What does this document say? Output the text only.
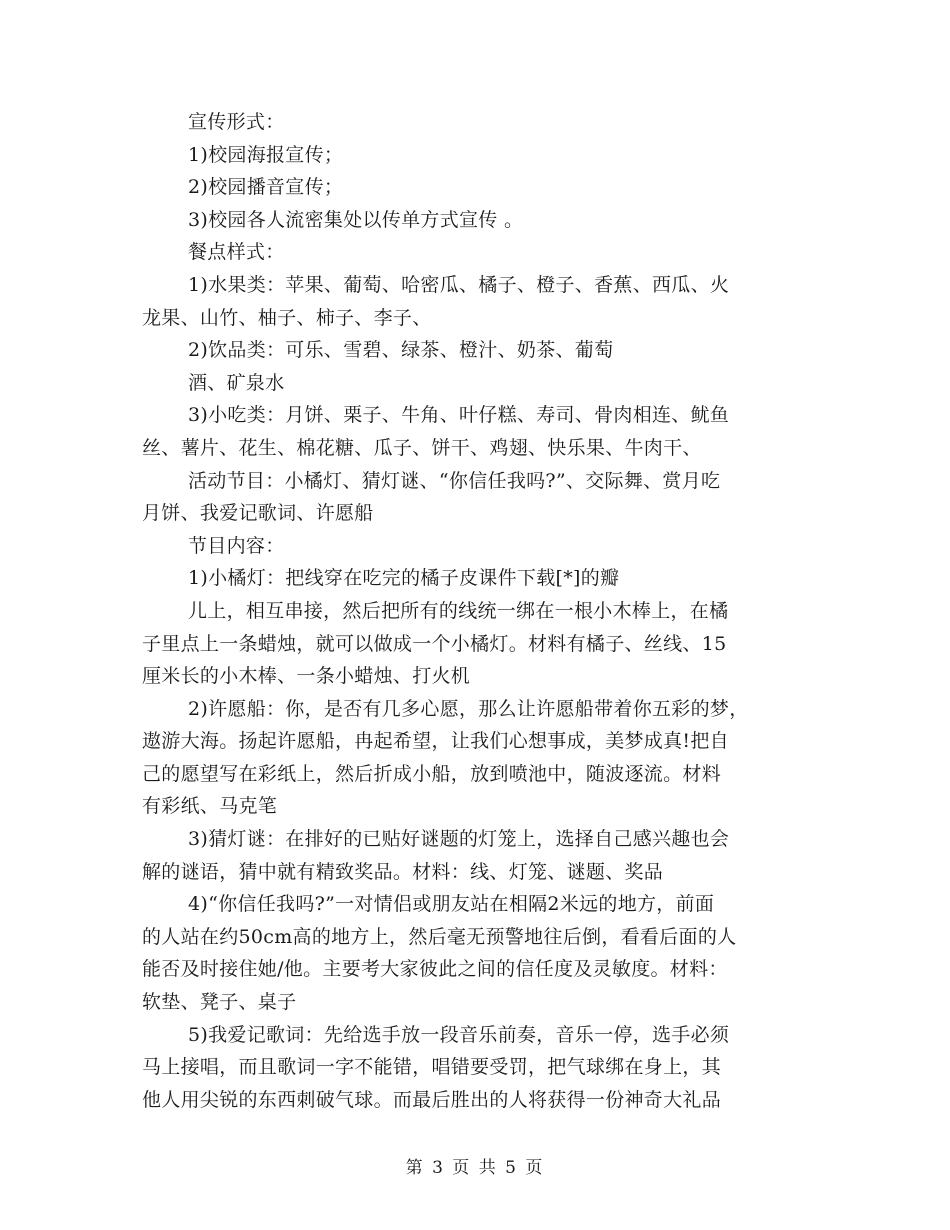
宣传形式：
1)校园海报宣传；
2)校园播音宣传；
3)校园各人流密集处以传单方式宣传 。
餐点样式：
1)水果类：苹果、葡萄、哈密瓜、橘子、橙子、香蕉、西瓜、火
龙果、山竹、柚子、柿子、李子、
2)饮品类：可乐、雪碧、绿茶、橙汁、奶茶、葡萄
酒、矿泉水
3)小吃类：月饼、栗子、牛角、叶仔糕、寿司、骨肉相连、鱿鱼
丝、薯片、花生、棉花糖、瓜子、饼干、鸡翅、快乐果、牛肉干、
活动节目：小橘灯、猜灯谜、“你信任我吗?”、交际舞、赏月吃
月饼、我爱记歌词、许愿船
节目内容：
1)小橘灯：把线穿在吃完的橘子皮课件下载[*]的瓣
儿上，相互串接，然后把所有的线统一绑在一根小木棒上，在橘
子里点上一条蜡烛，就可以做成一个小橘灯。材料有橘子、丝线、15
厘米长的小木棒、一条小蜡烛、打火机
2)许愿船：你，是否有几多心愿，那么让许愿船带着你五彩的梦，
遨游大海。扬起许愿船，冉起希望，让我们心想事成，美梦成真!把自
己的愿望写在彩纸上，然后折成小船，放到喷池中，随波逐流。材料
有彩纸、马克笔
3)猜灯谜：在排好的已贴好谜题的灯笼上，选择自己感兴趣也会
解的谜语，猜中就有精致奖品。材料：线、灯笼、谜题、奖品
4)“你信任我吗?”一对情侣或朋友站在相隔2米远的地方，前面
的人站在约50cm高的地方上，然后毫无预警地往后倒，看看后面的人
能否及时接住她/他。主要考大家彼此之间的信任度及灵敏度。材料：
软垫、凳子、桌子
5)我爱记歌词：先给选手放一段音乐前奏，音乐一停，选手必须
马上接唱，而且歌词一字不能错，唱错要受罚，把气球绑在身上，其
他人用尖锐的东西刺破气球。而最后胜出的人将获得一份神奇大礼品
第 3 页 共 5 页
